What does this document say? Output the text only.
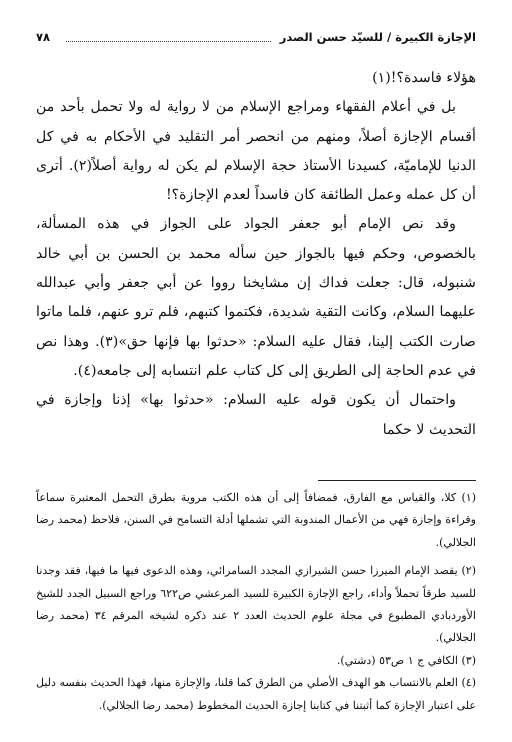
الإجازة الكبيرة / للسيّد حسن الصدر
٧٨

هؤلاء فاسدة؟!(١)

بل في أعلام الفقهاء ومراجع الإسلام من لا رواية له ولا تحمل بأحد من أقسام الإجازة أصلاً، ومنهم من انحصر أمر التقليد في الأحكام به في كل الدنيا للإماميّة، كسيدنا الأستاذ حجة الإسلام لم يكن له رواية أصلاً(٢). أترى أن كل عمله وعمل الطائفة كان فاسداً لعدم الإجازة؟!

وقد نص الإمام أبو جعفر الجواد على الجواز في هذه المسألة، بالخصوص، وحكم فيها بالجواز حين سأله محمد بن الحسن بن أبي خالد شنبوله، قال: جعلت فداك إن مشايخنا رووا عن أبي جعفر وأبي عبدالله عليهما السلام، وكانت التقية شديدة، فكتموا كتبهم، فلم ترو عنهم، فلما ماتوا صارت الكتب إلينا، فقال عليه السلام: «حدثوا بها فإنها حق»(٣). وهذا نص في عدم الحاجة إلى الطريق إلى كل كتاب علم انتسابه إلى جامعه(٤).

واحتمال أن يكون قوله عليه السلام: «حدثوا بها» إذنا وإجازة في التحديث لا حكما

(١) كلا، والقياس مع الفارق، فمضافاً إلى أن هذه الكتب مروية بطرق التحمل المعتبرة سماعاً وقراءة وإجازة فهي من الأعمال المندوبة التي تشملها أدلة التسامح في السنن، فلاحظ (محمد رضا الجلالي).

(٢) يقصد الإمام الميرزا حسن الشيرازي المجدد السامرائي، وهذه الدعوى فيها ما فيها، فقد وجدنا للسيد طرقاً تحملاً وأداء، راجع الإجازة الكبيرة للسيد المرعشي ص٦٢٢ وراجع السبيل الجدد للشيخ الأوردبادي المطبوع في مجلة علوم الحديث العدد ٢ عند ذكره لشيخه المرقم ٣٤ (محمد رضا الجلالي).

(٣) الكافي ج ١ ص٥٣ (دشتي).

(٤) العلم بالانتساب هو الهدف الأصلي من الطرق كما قلنا، والإجازة منها، فهذا الحديث بنفسه دليل على اعتبار الإجازة كما أثبتنا في كتابنا إجازة الحديث المخطوط (محمد رضا الجلالي).
